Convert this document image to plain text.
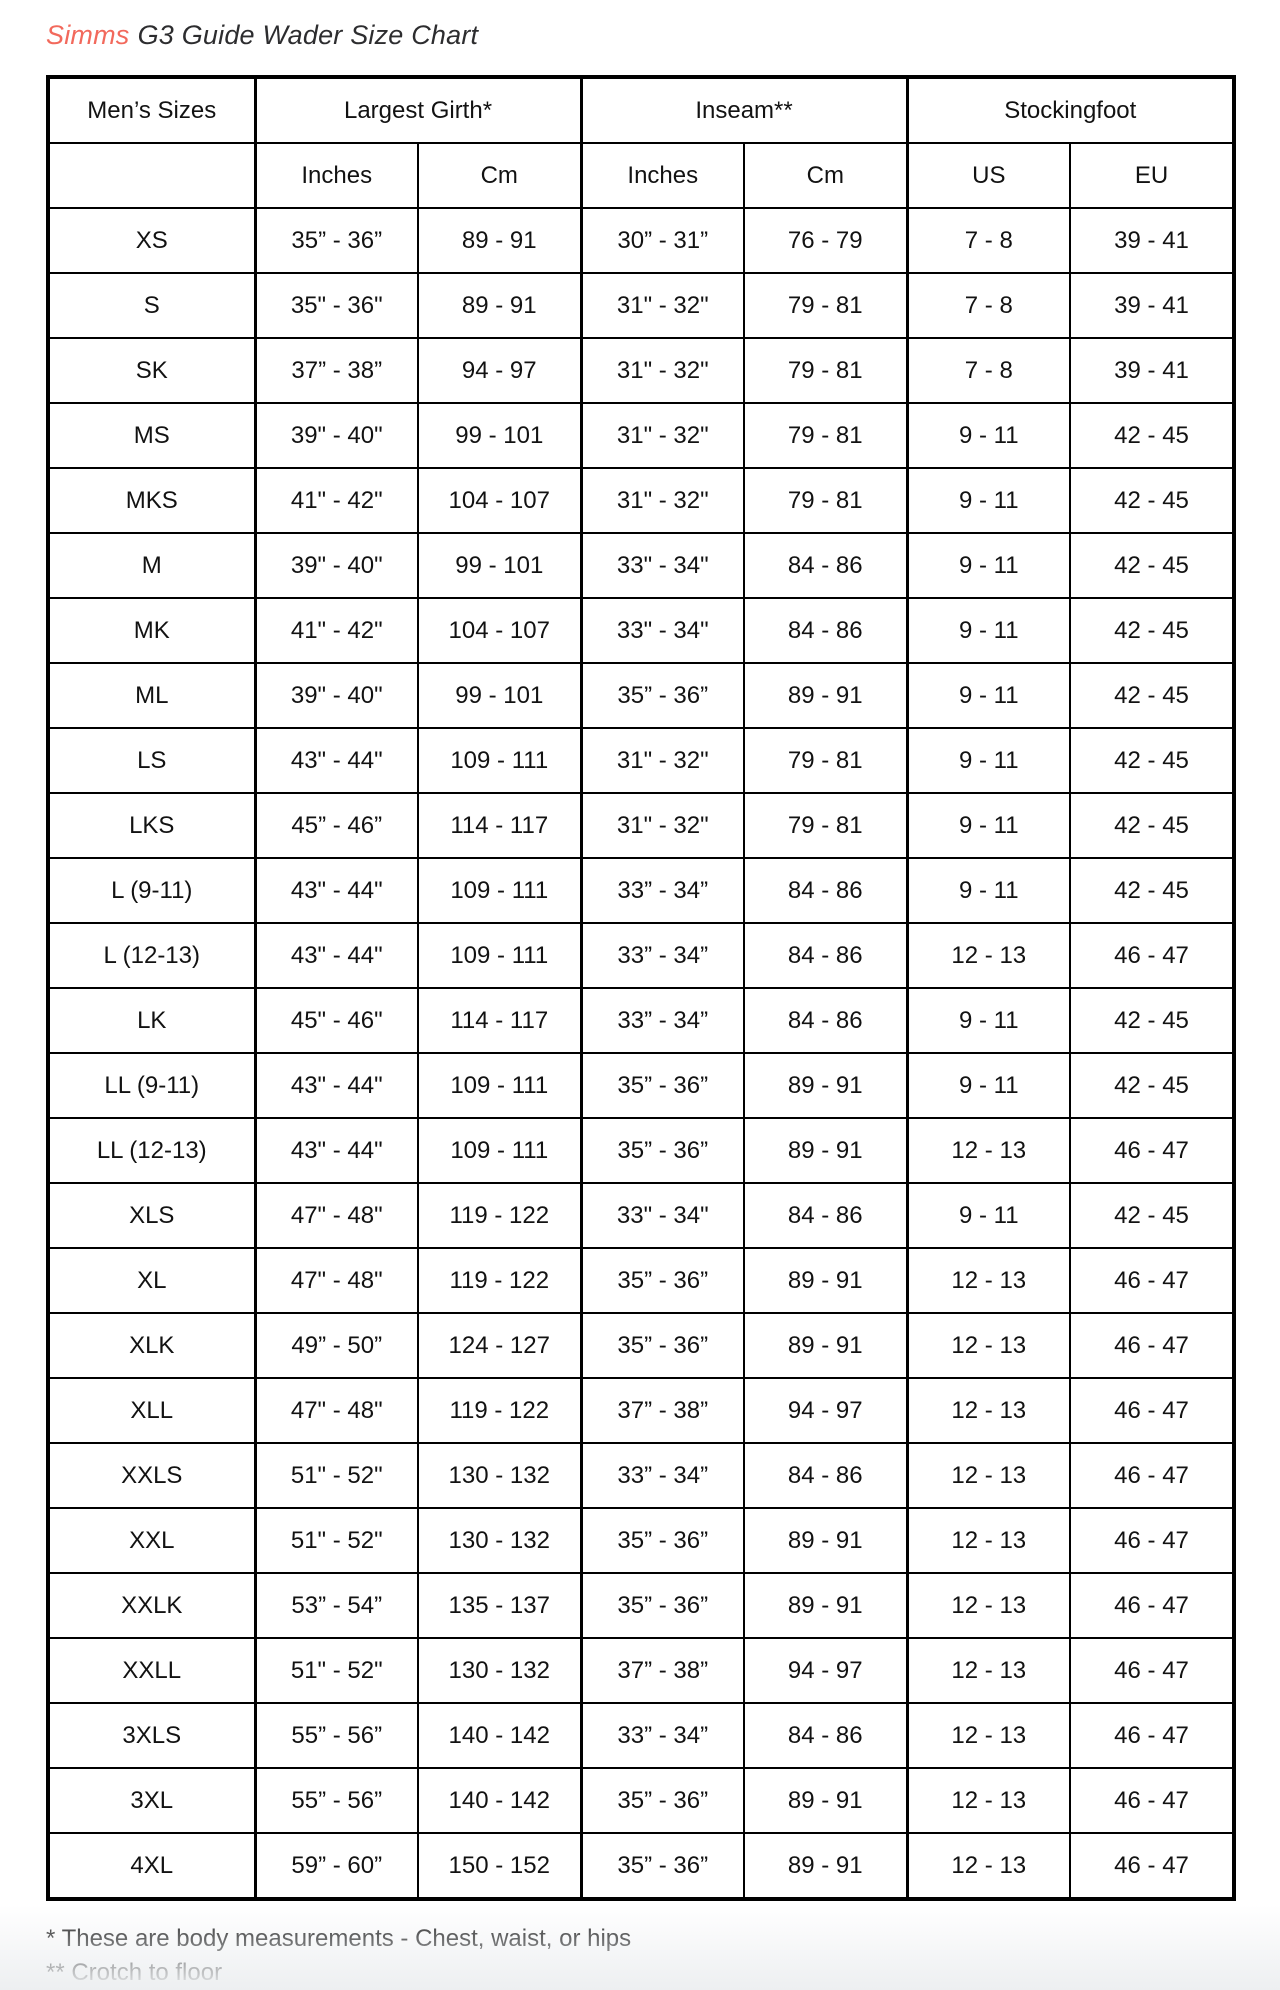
Simms G3 Guide Wader Size Chart
Men’s Sizes	Largest Girth*		Inseam**		Stockingfoot	
	Inches	Cm	Inches	Cm	US	EU
XS	35” - 36”	89 - 91	30” - 31”	76 - 79	7 - 8	39 - 41
S	35" - 36"	89 - 91	31" - 32"	79 - 81	7 - 8	39 - 41
SK	37” - 38”	94 - 97	31" - 32"	79 - 81	7 - 8	39 - 41
MS	39" - 40"	99 - 101	31" - 32"	79 - 81	9 - 11	42 - 45
MKS	41" - 42"	104 - 107	31" - 32"	79 - 81	9 - 11	42 - 45
M	39" - 40"	99 - 101	33" - 34"	84 - 86	9 - 11	42 - 45
MK	41" - 42"	104 - 107	33" - 34"	84 - 86	9 - 11	42 - 45
ML	39" - 40"	99 - 101	35” - 36”	89 - 91	9 - 11	42 - 45
LS	43" - 44"	109 - 111	31" - 32"	79 - 81	9 - 11	42 - 45
LKS	45” - 46”	114 - 117	31" - 32"	79 - 81	9 - 11	42 - 45
L (9-11)	43" - 44"	109 - 111	33” - 34”	84 - 86	9 - 11	42 - 45
L (12-13)	43" - 44"	109 - 111	33” - 34”	84 - 86	12 - 13	46 - 47
LK	45" - 46"	114 - 117	33” - 34”	84 - 86	9 - 11	42 - 45
LL (9-11)	43" - 44"	109 - 111	35” - 36”	89 - 91	9 - 11	42 - 45
LL (12-13)	43" - 44"	109 - 111	35” - 36”	89 - 91	12 - 13	46 - 47
XLS	47" - 48"	119 - 122	33" - 34"	84 - 86	9 - 11	42 - 45
XL	47" - 48"	119 - 122	35” - 36”	89 - 91	12 - 13	46 - 47
XLK	49” - 50”	124 - 127	35” - 36”	89 - 91	12 - 13	46 - 47
XLL	47" - 48"	119 - 122	37” - 38”	94 - 97	12 - 13	46 - 47
XXLS	51" - 52"	130 - 132	33” - 34”	84 - 86	12 - 13	46 - 47
XXL	51" - 52"	130 - 132	35” - 36”	89 - 91	12 - 13	46 - 47
XXLK	53” - 54”	135 - 137	35” - 36”	89 - 91	12 - 13	46 - 47
XXLL	51" - 52"	130 - 132	37” - 38”	94 - 97	12 - 13	46 - 47
3XLS	55” - 56”	140 - 142	33” - 34”	84 - 86	12 - 13	46 - 47
3XL	55” - 56”	140 - 142	35” - 36”	89 - 91	12 - 13	46 - 47
4XL	59” - 60”	150 - 152	35” - 36”	89 - 91	12 - 13	46 - 47

* These are body measurements - Chest, waist, or hips

** Crotch to floor
